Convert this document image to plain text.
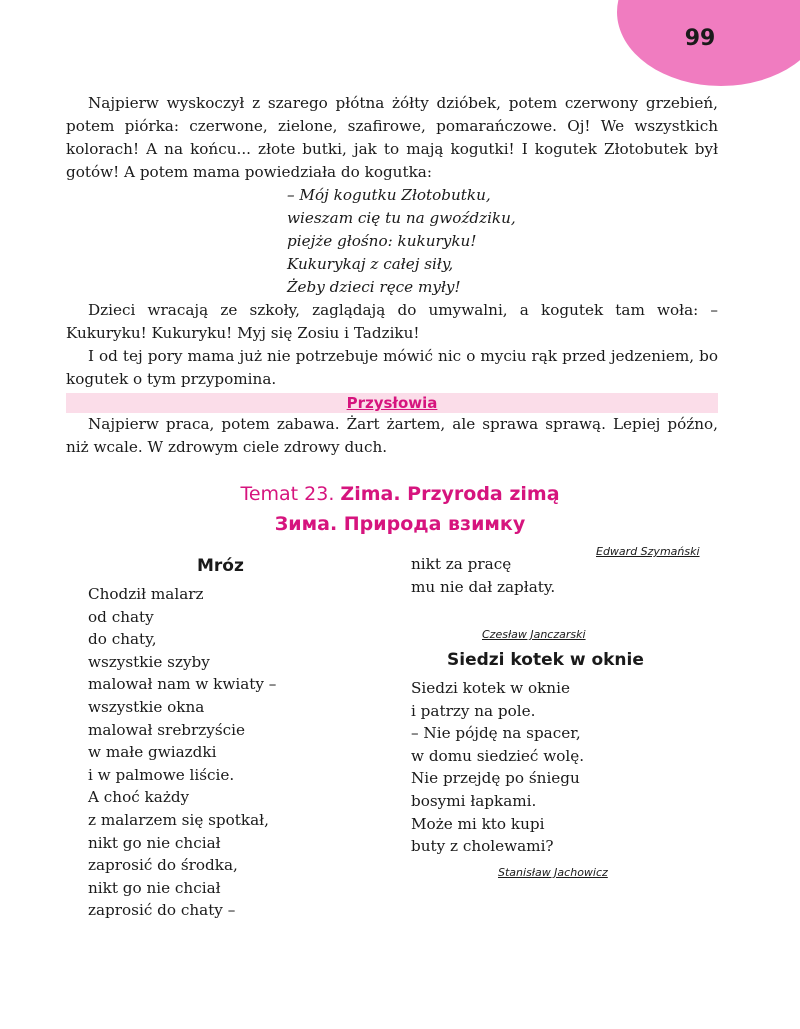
99

Najpierw wyskoczył z szarego płótna żółty dzióbek, potem czerwony grzebień, potem piórka: czerwone, zielone, szafirowe, pomarańczowe. Oj! We wszystkich kolorach! A na końcu... złote butki, jak to mają kogutki! I kogutek Złotobutek był gotów! A potem mama powiedziała do kogutka:

– Mój kogutku Złotobutku,
wieszam cię tu na gwoździku,
piejże głośno: kukuryku!
Kukurykaj z całej siły,
Żeby dzieci ręce myły!

Dzieci wracają ze szkoły, zaglądają do umywalni, a kogutek tam woła: – Kukuryku! Kukuryku! Myj się Zosiu i Tadziku!

I od tej pory mama już nie potrzebuje mówić nic o myciu rąk przed jedzeniem, bo kogutek o tym przypomina.

Przysłowia

Najpierw praca, potem zabawa. Żart żartem, ale sprawa sprawą. Lepiej późno, niż wcale. W zdrowym ciele zdrowy duch.

Temat 23. Zima. Przyroda zimą
Зима. Природа взимку
Mróz
Chodził malarz
od chaty
do chaty,
wszystkie szyby
malował nam w kwiaty –
wszystkie okna
malował srebrzyście
w małe gwiazdki
i w palmowe liście.
A choć każdy
z malarzem się spotkał,
nikt go nie chciał
zaprosić do środka,
nikt go nie chciał
zaprosić do chaty –
Edward Szymański
nikt za pracę
mu nie dał zapłaty.
Czesław Janczarski
Siedzi kotek w oknie
Siedzi kotek w oknie
i patrzy na pole.
– Nie pójdę na spacer,
w domu siedzieć wolę.
Nie przejdę po śniegu
bosymi łapkami.
Może mi kto kupi
buty z cholewami?
Stanisław Jachowicz
